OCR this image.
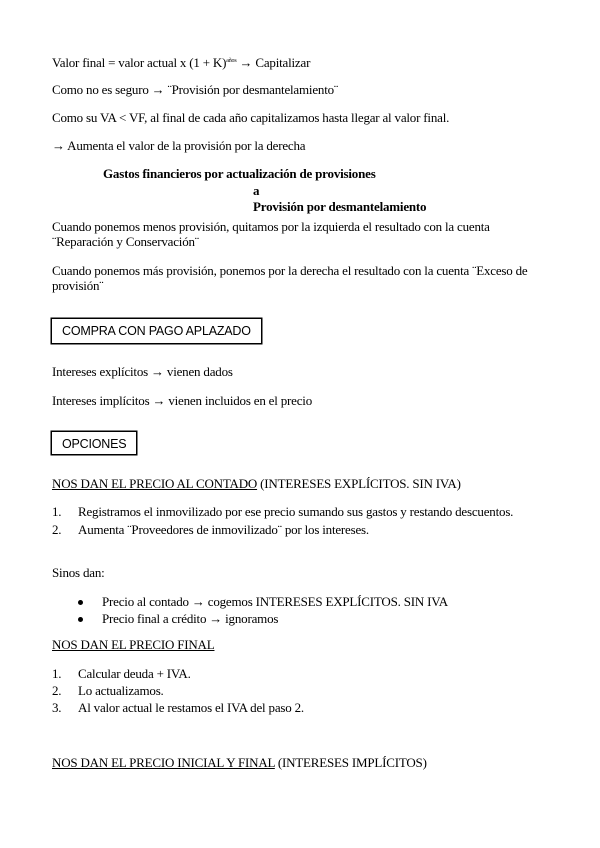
Valor final = valor actual x $(1 + K)^{años}$ → Capitalizar
Como no es seguro → ¨Provisión por desmantelamiento¨
Como su VA < VF, al final de cada año capitalizamos hasta llegar al valor final.
→ Aumenta el valor de la provisión por la derecha
Gastos financieros por actualización de provisiones
a
Provisión por desmantelamiento
Cuando ponemos menos provisión, quitamos por la izquierda el resultado con la cuenta ¨Reparación y Conservación¨
Cuando ponemos más provisión, ponemos por la derecha el resultado con la cuenta ¨Exceso de provisión¨
COMPRA CON PAGO APLAZADO
Intereses explícitos → vienen dados
Intereses implícitos → vienen incluidos en el precio
OPCIONES
NOS DAN EL PRECIO AL CONTADO (INTERESES EXPLÍCITOS. SIN IVA)
1. Registramos el inmovilizado por ese precio sumando sus gastos y restando descuentos.
2. Aumenta ¨Proveedores de inmovilizado¨ por los intereses.
Sinos dan:
Precio al contado → cogemos INTERESES EXPLÍCITOS. SIN IVA
Precio final a crédito → ignoramos
NOS DAN EL PRECIO FINAL
1. Calcular deuda + IVA.
2. Lo actualizamos.
3. Al valor actual le restamos el IVA del paso 2.
NOS DAN EL PRECIO INICIAL Y FINAL (INTERESES IMPLÍCITOS)
